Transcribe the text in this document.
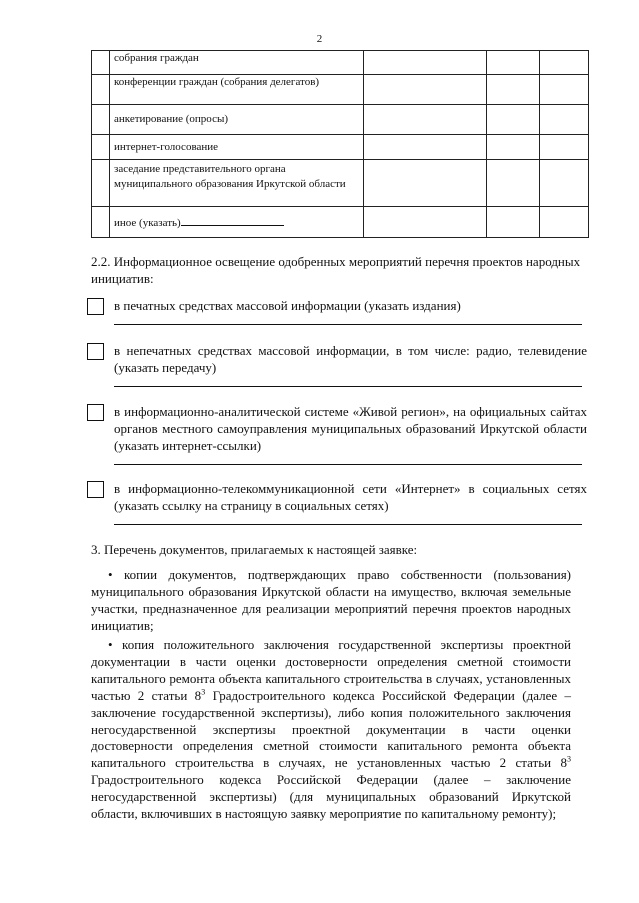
2
	собрания граждан			
	конференции граждан (собрания делегатов)			
	анкетирование (опросы)			
	интернет-голосование			
	заседание представительного органа муниципального образования Иркутской области			
	иное (указать)			
2.2. Информационное освещение одобренных мероприятий перечня проектов народных инициатив:
в печатных средствах массовой информации (указать издания)
в непечатных средствах массовой информации, в том числе: радио, телевидение (указать передачу)
в информационно-аналитической системе «Живой регион», на официальных сайтах органов местного самоуправления муниципальных образований Иркутской области (указать интернет-ссылки)
в информационно-телекоммуникационной сети «Интернет» в социальных сетях (указать ссылку на страницу в социальных сетях)
3. Перечень документов, прилагаемых к настоящей заявке:
• копии документов, подтверждающих право собственности (пользования) муниципального образования Иркутской области на имущество, включая земельные участки, предназначенное для реализации мероприятий перечня проектов народных инициатив;
• копия положительного заключения государственной экспертизы проектной документации в части оценки достоверности определения сметной стоимости капитального ремонта объекта капитального строительства в случаях, установленных частью 2 статьи $8^3$ Градостроительного кодекса Российской Федерации (далее – заключение государственной экспертизы), либо копия положительного заключения негосударственной экспертизы проектной документации в части оценки достоверности определения сметной стоимости капитального ремонта объекта капитального строительства в случаях, не установленных частью 2 статьи $8^3$ Градостроительного кодекса Российской Федерации (далее – заключение негосударственной экспертизы) (для муниципальных образований Иркутской области, включивших в настоящую заявку мероприятие по капитальному ремонту);
